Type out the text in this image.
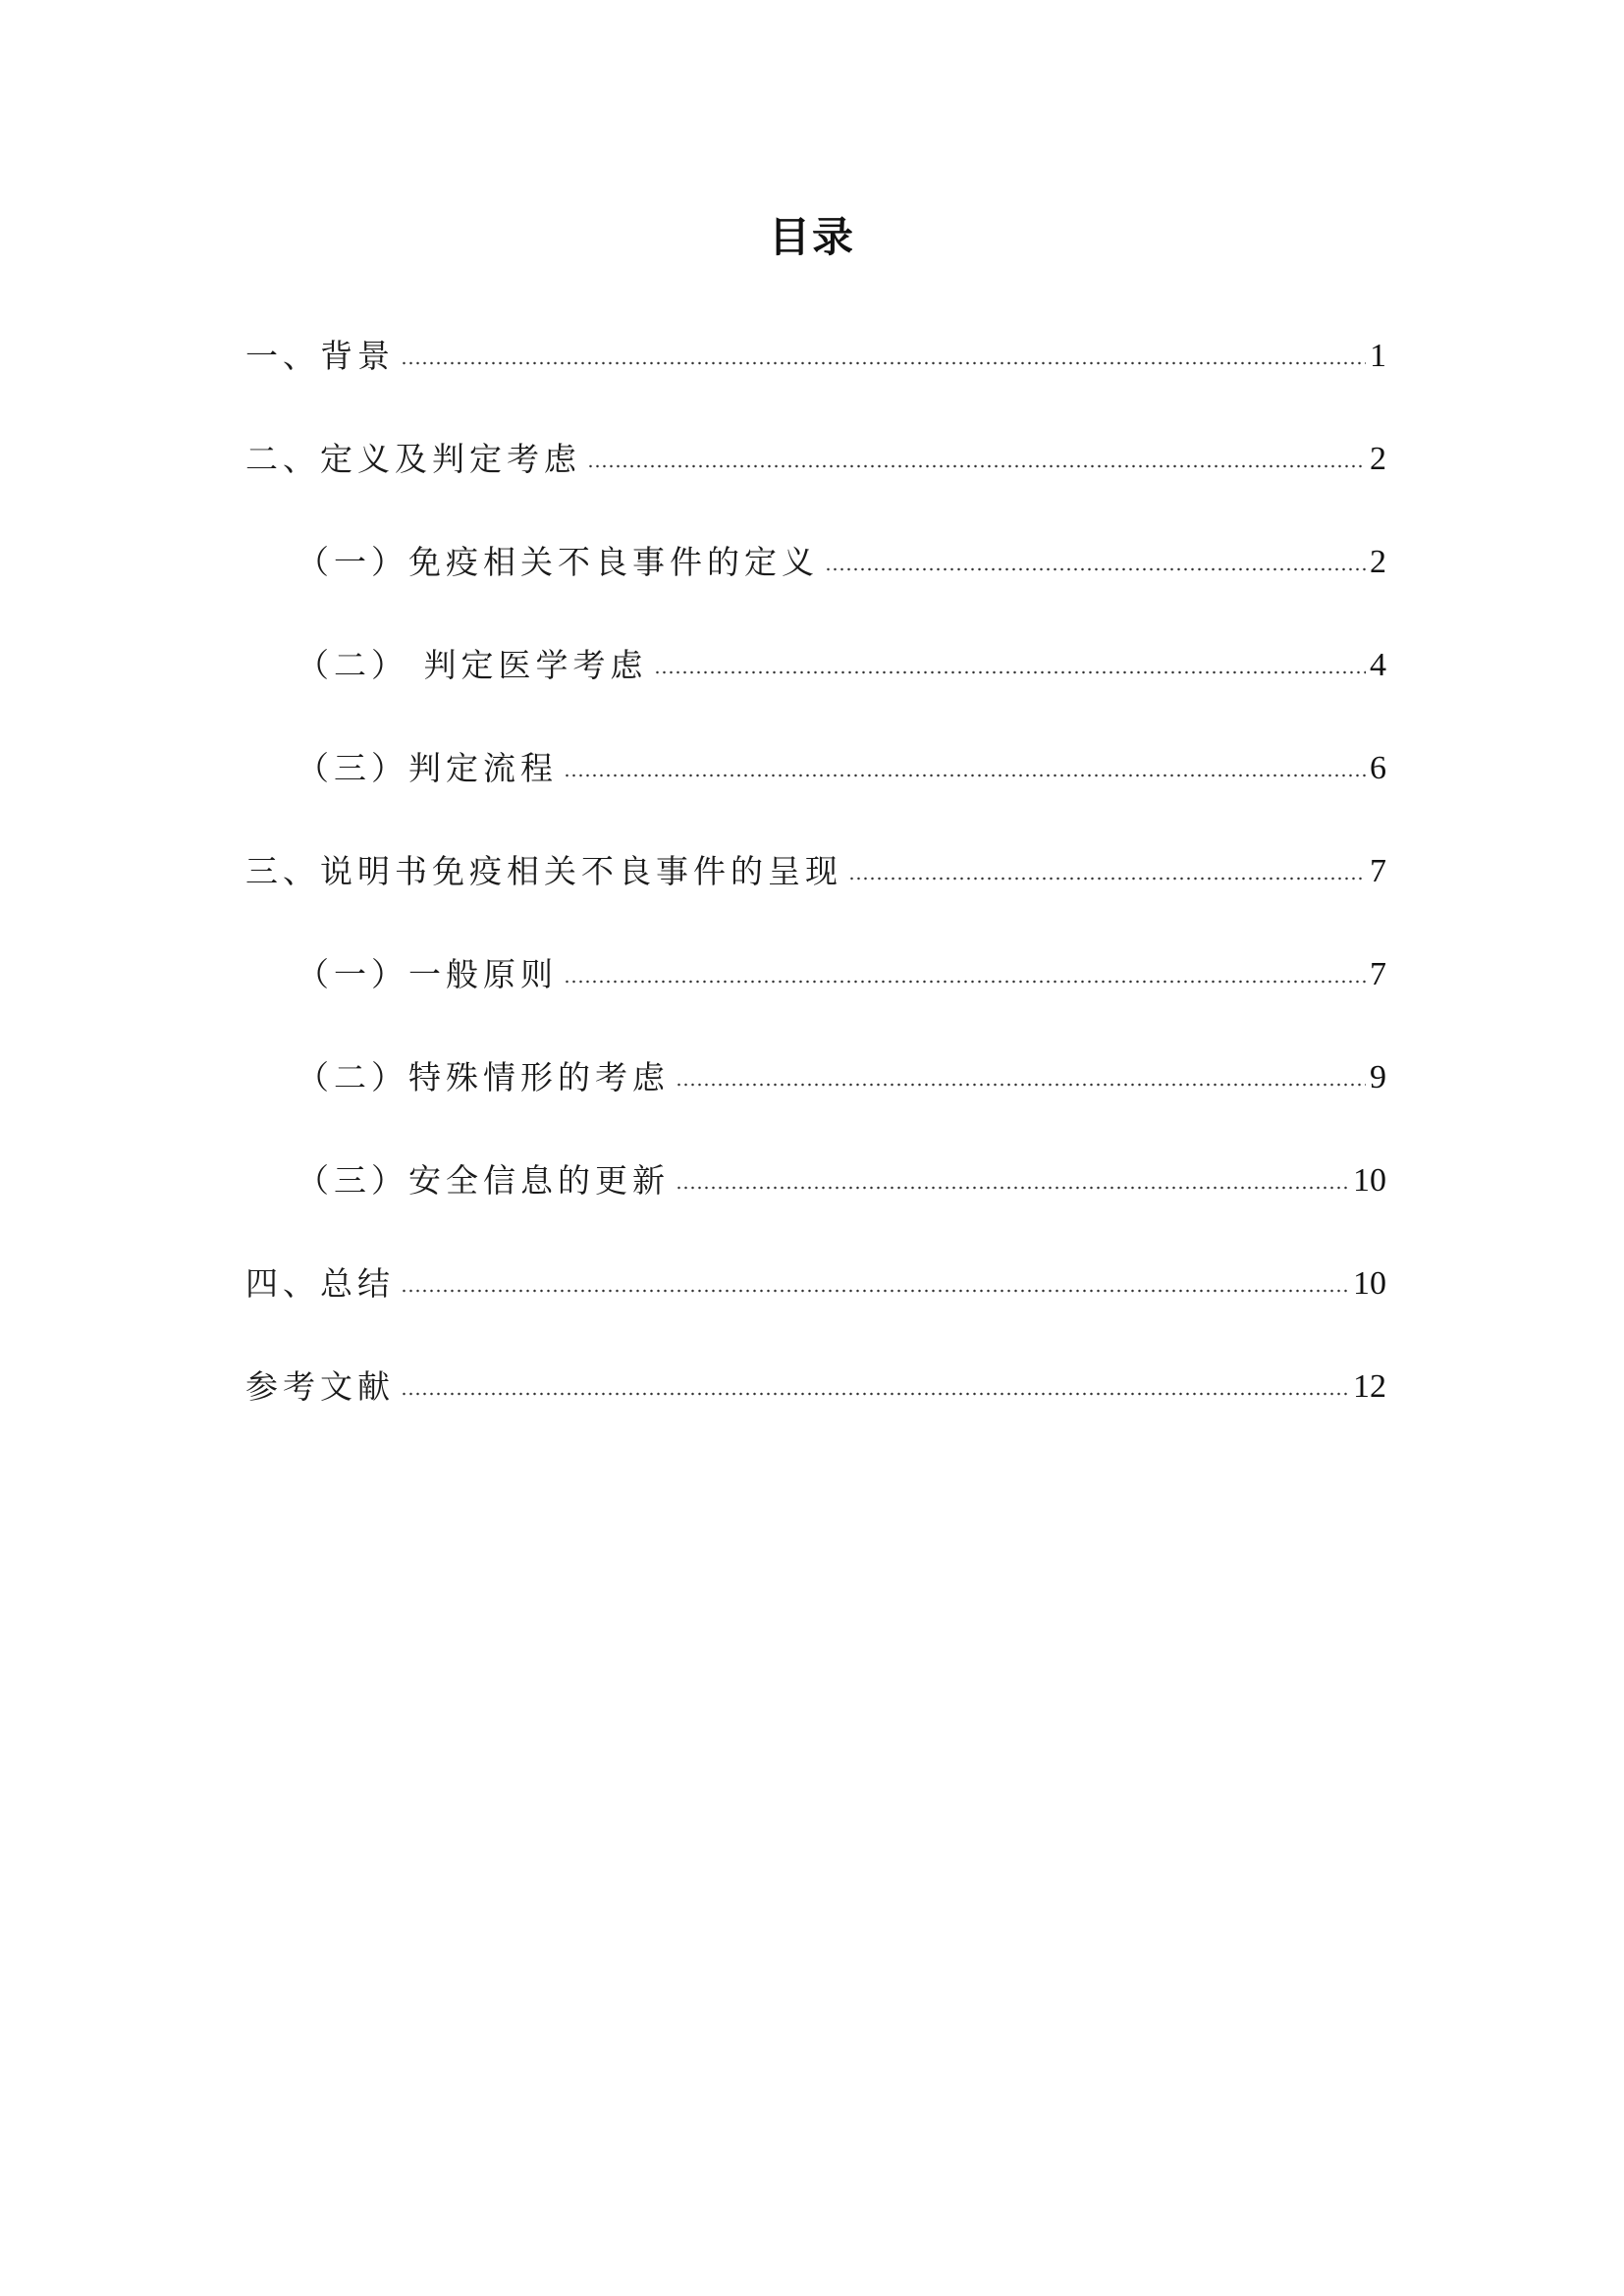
目录
一、背景	1
二、定义及判定考虑	2
（一）免疫相关不良事件的定义	2
（二） 判定医学考虑	4
（三）判定流程	6
三、说明书免疫相关不良事件的呈现	7
（一）一般原则	7
（二）特殊情形的考虑	9
（三）安全信息的更新	10
四、总结	10
参考文献	12
